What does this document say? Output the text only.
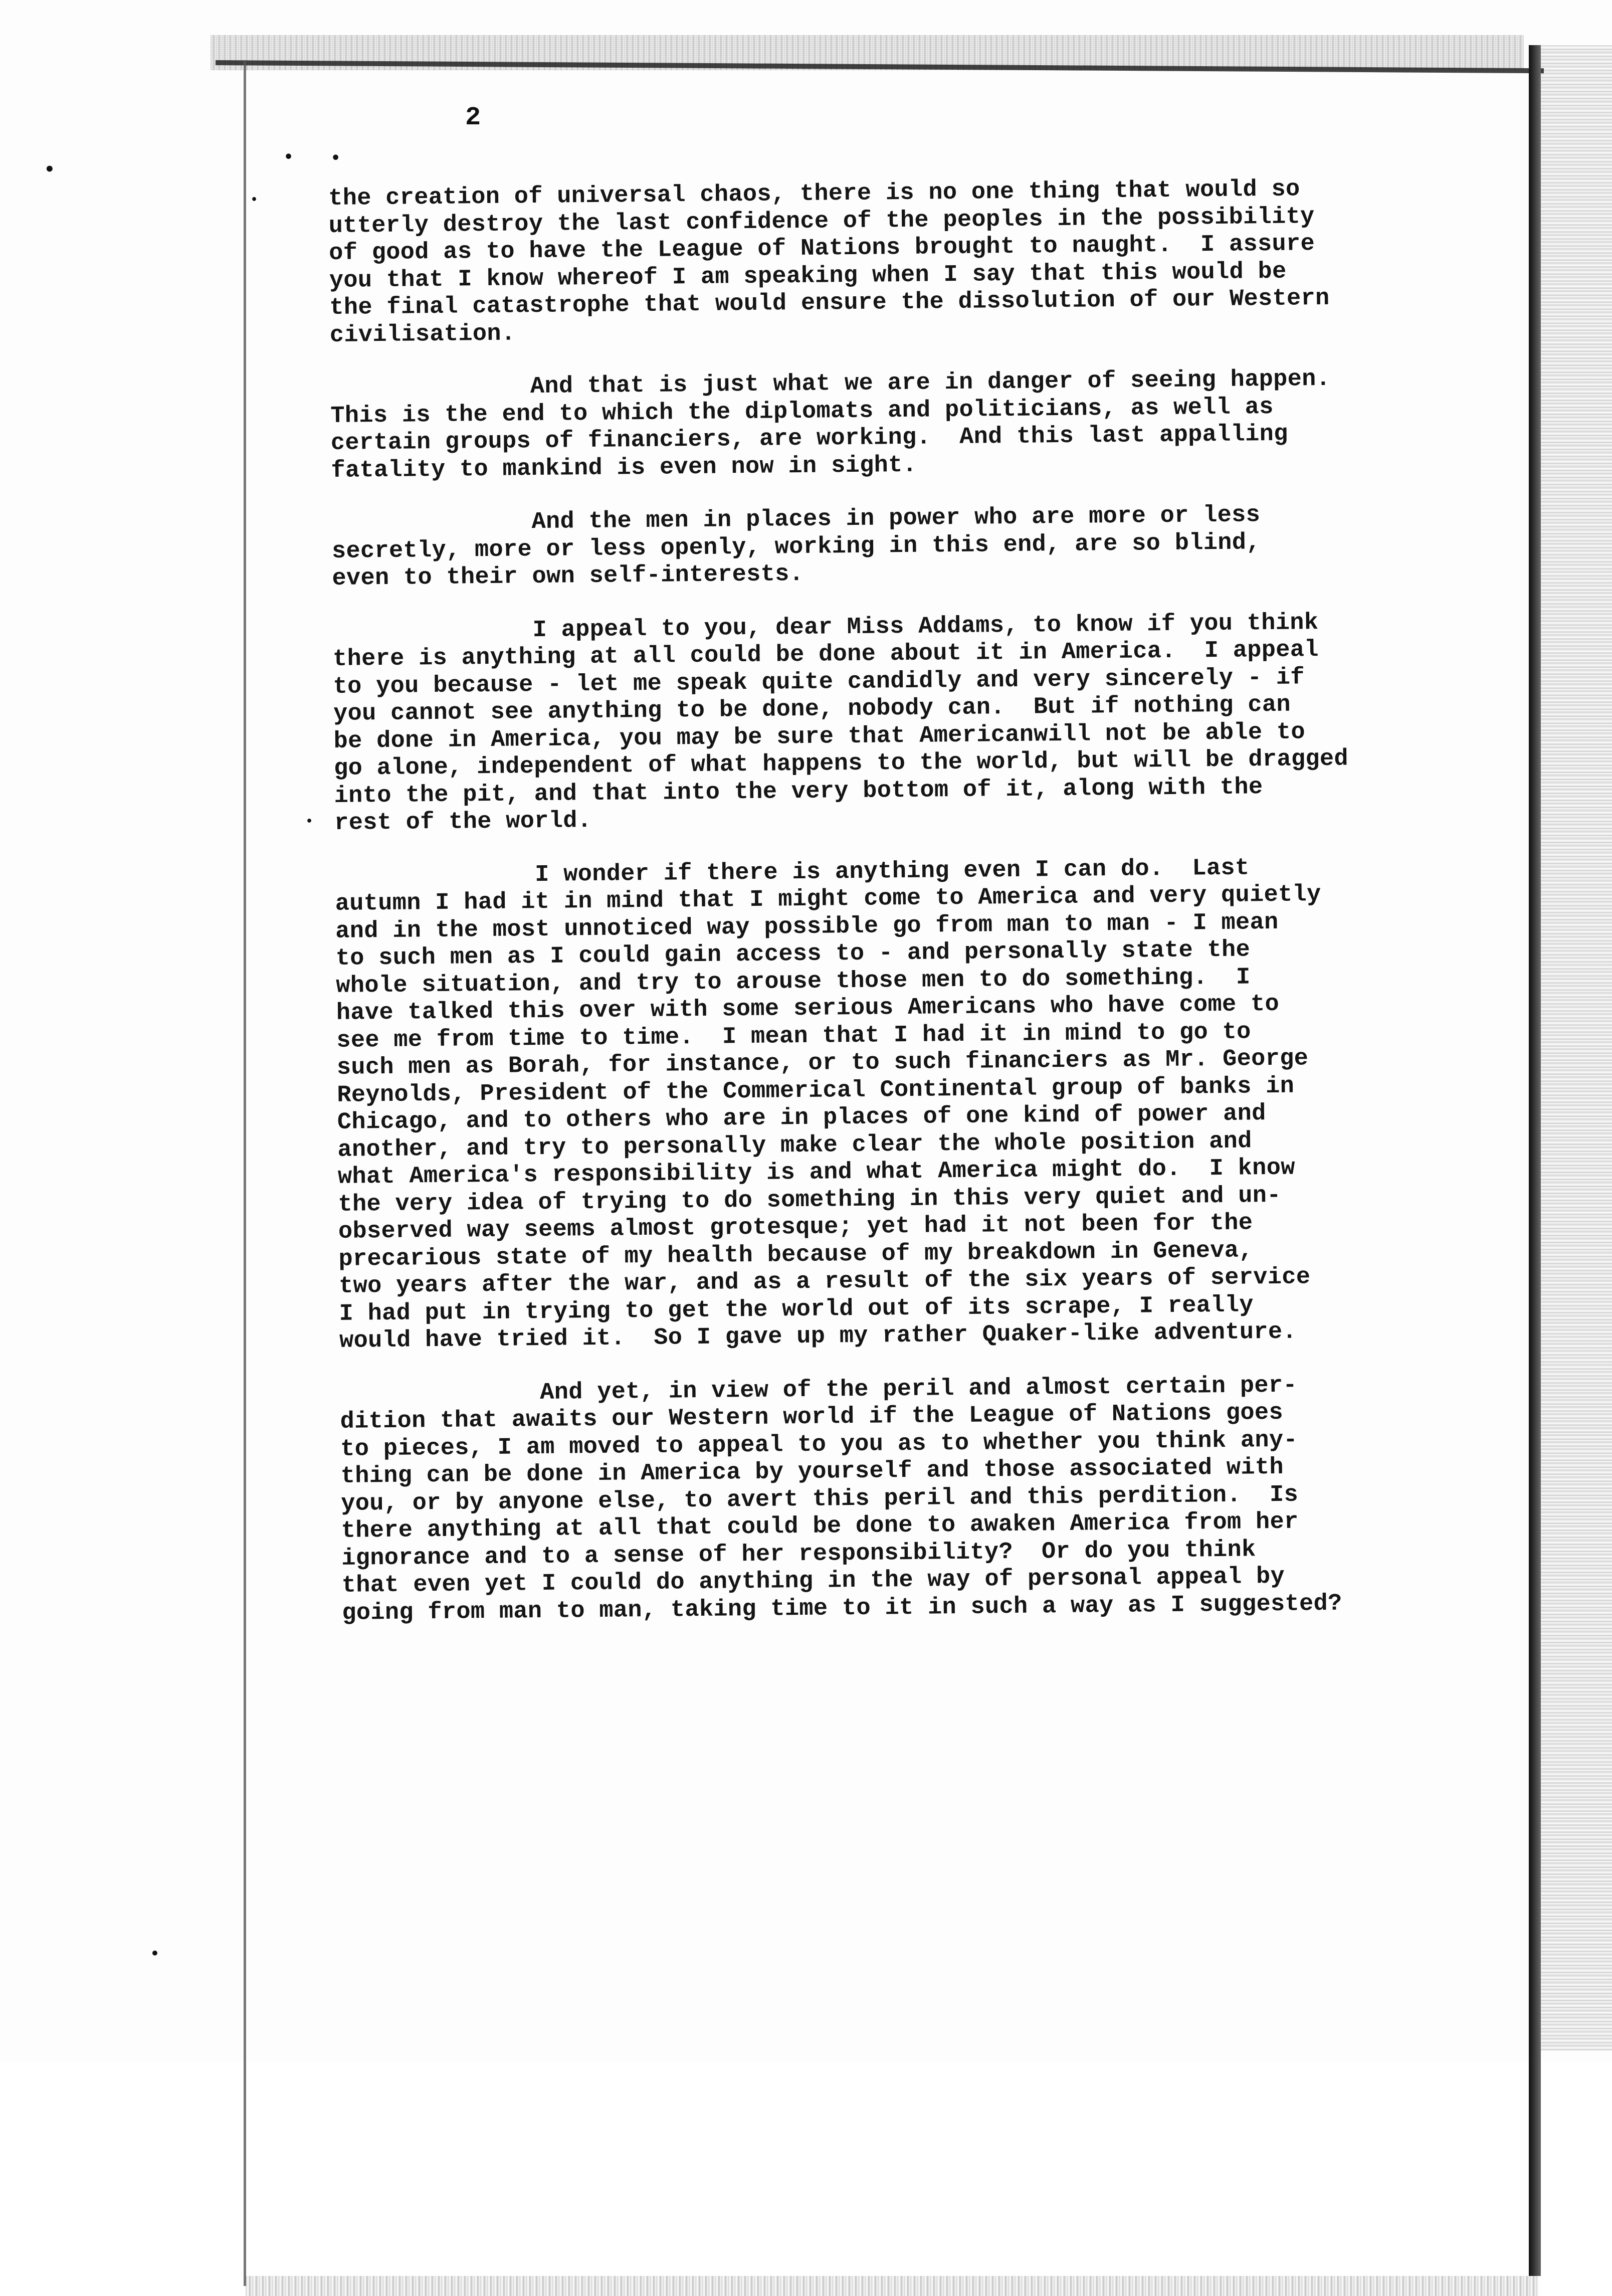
•
• •
•
•
•
2
the creation of universal chaos, there is no one thing that would so
utterly destroy the last confidence of the peoples in the possibility
of good as to have the League of Nations brought to naught.  I assure
you that I know whereof I am speaking when I say that this would be
the final catastrophe that would ensure the dissolution of our Western
civilisation.
And that is just what we are in danger of seeing happen.
This is the end to which the diplomats and politicians, as well as
certain groups of financiers, are working.  And this last appalling
fatality to mankind is even now in sight.
And the men in places in power who are more or less
secretly, more or less openly, working in this end, are so blind,
even to their own self-interests.
I appeal to you, dear Miss Addams, to know if you think
there is anything at all could be done about it in America.  I appeal
to you because - let me speak quite candidly and very sincerely - if
you cannot see anything to be done, nobody can.  But if nothing can
be done in America, you may be sure that Americanwill not be able to
go alone, independent of what happens to the world, but will be dragged
into the pit, and that into the very bottom of it, along with the
rest of the world.
I wonder if there is anything even I can do.  Last
autumn I had it in mind that I might come to America and very quietly
and in the most unnoticed way possible go from man to man - I mean
to such men as I could gain access to - and personally state the
whole situation, and try to arouse those men to do something.  I
have talked this over with some serious Americans who have come to
see me from time to time.  I mean that I had it in mind to go to
such men as Borah, for instance, or to such financiers as Mr. George
Reynolds, President of the Commerical Continental group of banks in
Chicago, and to others who are in places of one kind of power and
another, and try to personally make clear the whole position and
what America's responsibility is and what America might do.  I know
the very idea of trying to do something in this very quiet and un-
observed way seems almost grotesque; yet had it not been for the
precarious state of my health because of my breakdown in Geneva,
two years after the war, and as a result of the six years of service
I had put in trying to get the world out of its scrape, I really
would have tried it.  So I gave up my rather Quaker-like adventure.
And yet, in view of the peril and almost certain per-
dition that awaits our Western world if the League of Nations goes
to pieces, I am moved to appeal to you as to whether you think any-
thing can be done in America by yourself and those associated with
you, or by anyone else, to avert this peril and this perdition.  Is
there anything at all that could be done to awaken America from her
ignorance and to a sense of her responsibility?  Or do you think
that even yet I could do anything in the way of personal appeal by
going from man to man, taking time to it in such a way as I suggested?
